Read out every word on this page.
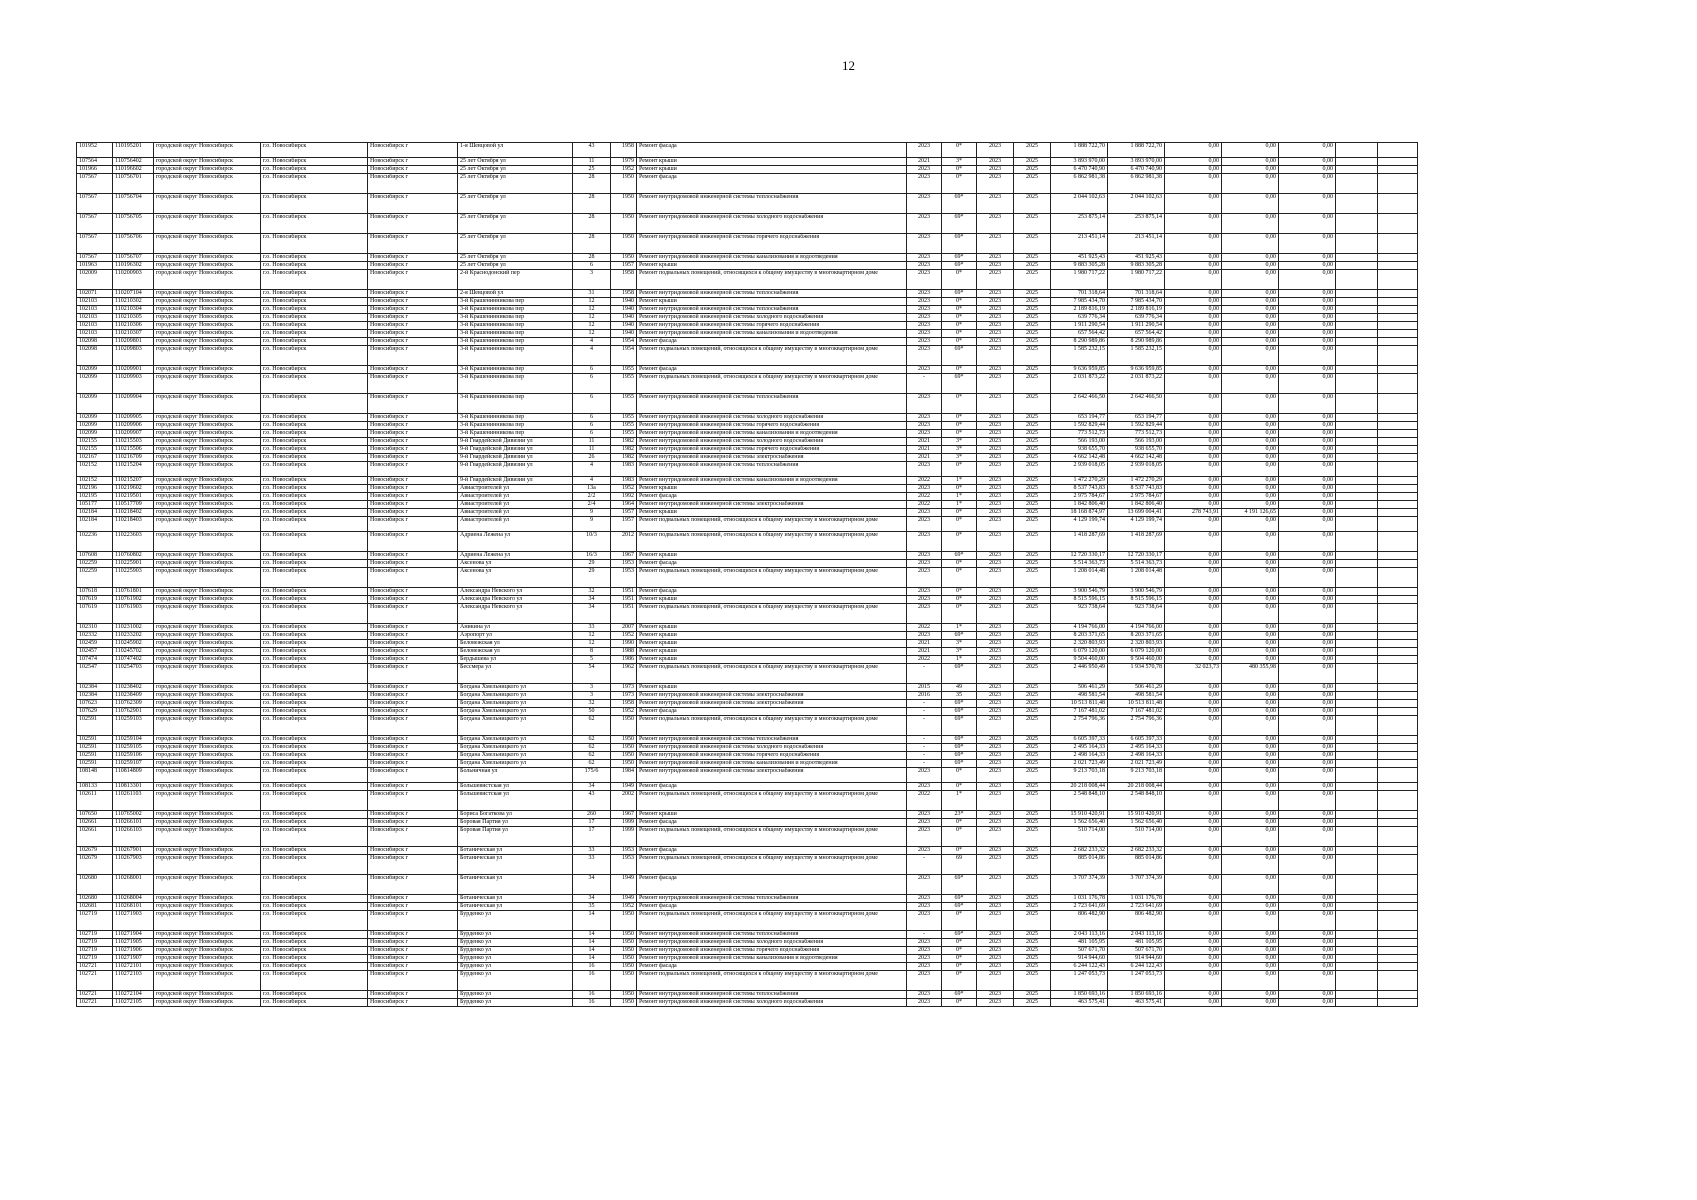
12
101952	110195201	городской округ Новосибирск	г.о. Новосибирск	Новосибирск г	1-я Шевцовой ул	43	1958	Ремонт фасада	2023	0*	2023	2025	1 888 722,70	1 888 722,70	0,00	0,00	0,00		
107564	110756402	городской округ Новосибирск	г.о. Новосибирск	Новосибирск г	25 лет Октября ул	11	1979	Ремонт крыши	2021	3*	2023	2025	3 893 970,00	3 893 970,00	0,00	0,00	0,00		
101966	110196602	городской округ Новосибирск	г.о. Новосибирск	Новосибирск г	25 лет Октября ул	25	1952	Ремонт крыши	2023	0*	2023	2025	6 470 740,90	6 470 740,90	0,00	0,00	0,00		
107567	110756701	городской округ Новосибирск	г.о. Новосибирск	Новосибирск г	25 лет Октября ул	28	1950	Ремонт фасада	2023	0*	2023	2025	6 862 981,38	6 862 981,38	0,00	0,00	0,00		
107567	110756704	городской округ Новосибирск	г.о. Новосибирск	Новосибирск г	25 лет Октября ул	28	1950	Ремонт внутридомовой инженерной системы теплоснабжения	2023	69*	2023	2025	2 044 102,63	2 044 102,63	0,00	0,00	0,00		
107567	110756705	городской округ Новосибирск	г.о. Новосибирск	Новосибирск г	25 лет Октября ул	28	1950	Ремонт внутридомовой инженерной системы холодного водоснабжения	2023	69*	2023	2025	253 875,14	253 875,14	0,00	0,00	0,00		
107567	110756706	городской округ Новосибирск	г.о. Новосибирск	Новосибирск г	25 лет Октября ул	28	1950	Ремонт внутридомовой инженерной системы горячего водоснабжения	2023	69*	2023	2025	213 451,14	213 451,14	0,00	0,00	0,00		
107567	110756707	городской округ Новосибирск	г.о. Новосибирск	Новосибирск г	25 лет Октября ул	28	1950	Ремонт внутридомовой инженерной системы канализования и водоотведения	2023	69*	2023	2025	451 925,43	451 925,43	0,00	0,00	0,00		
101963	110196302	городской округ Новосибирск	г.о. Новосибирск	Новосибирск г	25 лет Октября ул	6	1957	Ремонт крыши	2023	69*	2023	2025	9 883 305,28	9 883 305,28	0,00	0,00	0,00		
102009	110200903	городской округ Новосибирск	г.о. Новосибирск	Новосибирск г	2-й Краснодонский пер	3	1958	Ремонт подвальных помещений, относящихся к общему имуществу в многоквартирном доме	2023	0*	2023	2025	1 980 717,22	1 980 717,22	0,00	0,00	0,00		
102071	110207104	городской округ Новосибирск	г.о. Новосибирск	Новосибирск г	2-я Шевцовой ул	31	1958	Ремонт внутридомовой инженерной системы теплоснабжения	2023	69*	2023	2025	701 318,64	701 318,64	0,00	0,00	0,00		
102103	110210302	городской округ Новосибирск	г.о. Новосибирск	Новосибирск г	3-й Крашенинникова пер	12	1940	Ремонт крыши	2023	0*	2023	2025	7 985 434,70	7 985 434,70	0,00	0,00	0,00		
102103	110210304	городской округ Новосибирск	г.о. Новосибирск	Новосибирск г	3-й Крашенинникова пер	12	1940	Ремонт внутридомовой инженерной системы теплоснабжения	2023	0*	2023	2025	2 189 816,19	2 189 816,19	0,00	0,00	0,00		
102103	110210305	городской округ Новосибирск	г.о. Новосибирск	Новосибирск г	3-й Крашенинникова пер	12	1940	Ремонт внутридомовой инженерной системы холодного водоснабжения	2023	0*	2023	2025	639 776,34	639 776,34	0,00	0,00	0,00		
102103	110210306	городской округ Новосибирск	г.о. Новосибирск	Новосибирск г	3-й Крашенинникова пер	12	1940	Ремонт внутридомовой инженерной системы горячего водоснабжения	2023	0*	2023	2025	1 911 290,54	1 911 290,54	0,00	0,00	0,00		
102103	110210307	городской округ Новосибирск	г.о. Новосибирск	Новосибирск г	3-й Крашенинникова пер	12	1940	Ремонт внутридомовой инженерной системы канализования и водоотведения	2023	0*	2023	2025	657 564,42	657 564,42	0,00	0,00	0,00		
102098	110209801	городской округ Новосибирск	г.о. Новосибирск	Новосибирск г	3-й Крашенинникова пер	4	1954	Ремонт фасада	2023	0*	2023	2025	8 290 989,86	8 290 989,86	0,00	0,00	0,00		
102098	110209803	городской округ Новосибирск	г.о. Новосибирск	Новосибирск г	3-й Крашенинникова пер	4	1954	Ремонт подвальных помещений, относящихся к общему имуществу в многоквартирном доме	2023	69*	2023	2025	1 585 232,15	1 585 232,15	0,00	0,00	0,00		
102099	110209901	городской округ Новосибирск	г.о. Новосибирск	Новосибирск г	3-й Крашенинникова пер	6	1955	Ремонт фасада	2023	0*	2023	2025	9 636 959,85	9 636 959,85	0,00	0,00	0,00		
102099	110209903	городской округ Новосибирск	г.о. Новосибирск	Новосибирск г	3-й Крашенинникова пер	6	1955	Ремонт подвальных помещений, относящихся к общему имуществу в многоквартирном доме	-	69*	2023	2025	2 031 873,22	2 031 873,22	0,00	0,00	0,00		
102099	110209904	городской округ Новосибирск	г.о. Новосибирск	Новосибирск г	3-й Крашенинникова пер	6	1955	Ремонт внутридомовой инженерной системы теплоснабжения	2023	0*	2023	2025	2 642 466,50	2 642 466,50	0,00	0,00	0,00		
102099	110209905	городской округ Новосибирск	г.о. Новосибирск	Новосибирск г	3-й Крашенинникова пер	6	1955	Ремонт внутридомовой инженерной системы холодного водоснабжения	2023	0*	2023	2025	653 194,77	653 194,77	0,00	0,00	0,00		
102099	110209906	городской округ Новосибирск	г.о. Новосибирск	Новосибирск г	3-й Крашенинникова пер	6	1955	Ремонт внутридомовой инженерной системы горячего водоснабжения	2023	0*	2023	2025	1 592 829,44	1 592 829,44	0,00	0,00	0,00		
102099	110209907	городской округ Новосибирск	г.о. Новосибирск	Новосибирск г	3-й Крашенинникова пер	6	1955	Ремонт внутридомовой инженерной системы канализования и водоотведения	2023	0*	2023	2025	773 512,73	773 512,73	0,00	0,00	0,00		
102155	110215503	городской округ Новосибирск	г.о. Новосибирск	Новосибирск г	9-й Гвардейской Дивизии ул	11	1982	Ремонт внутридомовой инженерной системы холодного водоснабжения	2021	3*	2023	2025	566 193,00	566 193,00	0,00	0,00	0,00		
102155	110215506	городской округ Новосибирск	г.о. Новосибирск	Новосибирск г	9-й Гвардейской Дивизии ул	11	1982	Ремонт внутридомовой инженерной системы горячего водоснабжения	2021	3*	2023	2025	938 655,70	938 655,70	0,00	0,00	0,00		
102167	110216709	городской округ Новосибирск	г.о. Новосибирск	Новосибирск г	9-й Гвардейской Дивизии ул	26	1982	Ремонт внутридомовой инженерной системы электроснабжения	2021	3*	2023	2025	4 662 142,48	4 662 142,48	0,00	0,00	0,00		
102152	110215204	городской округ Новосибирск	г.о. Новосибирск	Новосибирск г	9-й Гвардейской Дивизии ул	4	1983	Ремонт внутридомовой инженерной системы теплоснабжения	2023	0*	2023	2025	2 939 018,05	2 939 018,05	0,00	0,00	0,00		
102152	110215207	городской округ Новосибирск	г.о. Новосибирск	Новосибирск г	9-й Гвардейской Дивизии ул	4	1983	Ремонт внутридомовой инженерной системы канализования и водоотведения	2022	1*	2023	2025	1 472 270,29	1 472 270,29	0,00	0,00	0,00		
102196	110219602	городской округ Новосибирск	г.о. Новосибирск	Новосибирск г	Авиастроителей ул	13а	1952	Ремонт крыши	2023	0*	2023	2025	8 537 743,83	8 537 743,83	0,00	0,00	0,00		
102195	110219501	городской округ Новосибирск	г.о. Новосибирск	Новосибирск г	Авиастроителей ул	2/2	1992	Ремонт фасада	2022	1*	2023	2025	2 975 784,67	2 975 784,67	0,00	0,00	0,00		
105177	110517709	городской округ Новосибирск	г.о. Новосибирск	Новосибирск г	Авиастроителей ул	2/4	1964	Ремонт внутридомовой инженерной системы электроснабжения	2022	1*	2023	2025	1 842 806,40	1 842 806,40	0,00	0,00	0,00		
102184	110218402	городской округ Новосибирск	г.о. Новосибирск	Новосибирск г	Авиастроителей ул	9	1957	Ремонт крыши	2023	0*	2023	2025	18 168 874,97	13 699 004,41	278 743,91	4 191 126,65	0,00		
102184	110218403	городской округ Новосибирск	г.о. Новосибирск	Новосибирск г	Авиастроителей ул	9	1957	Ремонт подвальных помещений, относящихся к общему имуществу в многоквартирном доме	2023	0*	2023	2025	4 129 199,74	4 129 199,74	0,00	0,00	0,00		
102236	110223603	городской округ Новосибирск	г.о. Новосибирск	Новосибирск г	Адриена Лежена ул	10/3	2012	Ремонт подвальных помещений, относящихся к общему имуществу в многоквартирном доме	2023	0*	2023	2025	1 418 287,69	1 418 287,69	0,00	0,00	0,00		
107608	110760802	городской округ Новосибирск	г.о. Новосибирск	Новосибирск г	Адриена Лежена ул	16/3	1967	Ремонт крыши	2023	69*	2023	2025	12 720 330,17	12 720 330,17	0,00	0,00	0,00		
102259	110225901	городской округ Новосибирск	г.о. Новосибирск	Новосибирск г	Аксенова ул	29	1953	Ремонт фасада	2023	0*	2023	2025	5 514 363,73	5 514 363,73	0,00	0,00	0,00		
102259	110225903	городской округ Новосибирск	г.о. Новосибирск	Новосибирск г	Аксенова ул	29	1953	Ремонт подвальных помещений, относящихся к общему имуществу в многоквартирном доме	2023	0*	2023	2025	1 208 014,48	1 208 014,48	0,00	0,00	0,00		
107618	110761801	городской округ Новосибирск	г.о. Новосибирск	Новосибирск г	Александра Невского ул	32	1951	Ремонт фасада	2023	0*	2023	2025	3 900 546,79	3 900 546,79	0,00	0,00	0,00		
107619	110761902	городской округ Новосибирск	г.о. Новосибирск	Новосибирск г	Александра Невского ул	34	1951	Ремонт крыши	2023	0*	2023	2025	8 515 596,15	8 515 596,15	0,00	0,00	0,00		
107619	110761903	городской округ Новосибирск	г.о. Новосибирск	Новосибирск г	Александра Невского ул	34	1951	Ремонт подвальных помещений, относящихся к общему имуществу в многоквартирном доме	2023	0*	2023	2025	923 738,64	923 738,64	0,00	0,00	0,00		
102310	110231002	городской округ Новосибирск	г.о. Новосибирск	Новосибирск г	Аникина ул	33	2007	Ремонт крыши	2022	1*	2023	2025	4 194 766,00	4 194 766,00	0,00	0,00	0,00		
102332	110233202	городской округ Новосибирск	г.о. Новосибирск	Новосибирск г	Аэропорт ул	12	1952	Ремонт крыши	2023	69*	2023	2025	8 203 371,65	8 203 371,65	0,00	0,00	0,00		
102459	110245902	городской округ Новосибирск	г.о. Новосибирск	Новосибирск г	Беловежская ул	12	1990	Ремонт крыши	2021	3*	2023	2025	2 320 803,93	2 320 803,93	0,00	0,00	0,00		
102457	110245702	городской округ Новосибирск	г.о. Новосибирск	Новосибирск г	Беловежская ул	8	1988	Ремонт крыши	2021	3*	2023	2025	6 079 120,00	6 079 120,00	0,00	0,00	0,00		
107474	110747402	городской округ Новосибирск	г.о. Новосибирск	Новосибирск г	Бердышева ул	5	1986	Ремонт крыши	2022	1*	2023	2025	9 504 460,00	9 504 460,00	0,00	0,00	0,00		
102547	110254703	городской округ Новосибирск	г.о. Новосибирск	Новосибирск г	Бессмера ул	54	1962	Ремонт подвальных помещений, относящихся к общему имуществу в многоквартирном доме	-	69*	2023	2025	2 446 950,49	1 934 570,78	32 023,73	480 355,98	0,00		
102384	110238402	городской округ Новосибирск	г.о. Новосибирск	Новосибирск г	Богдана Хмельницкого ул	3	1973	Ремонт крыши	2015	49	2023	2025	506 461,29	506 461,29	0,00	0,00	0,00		
102384	110238409	городской округ Новосибирск	г.о. Новосибирск	Новосибирск г	Богдана Хмельницкого ул	3	1973	Ремонт внутридомовой инженерной системы электроснабжения	2016	35	2023	2025	498 581,54	498 581,54	0,00	0,00	0,00		
107623	110762309	городской округ Новосибирск	г.о. Новосибирск	Новосибирск г	Богдана Хмельницкого ул	32	1958	Ремонт внутридомовой инженерной системы электроснабжения	-	69*	2023	2025	10 513 811,48	10 513 811,48	0,00	0,00	0,00		
107629	110762901	городской округ Новосибирск	г.о. Новосибирск	Новосибирск г	Богдана Хмельницкого ул	50	1952	Ремонт фасада	-	69*	2023	2025	7 167 481,02	7 167 481,02	0,00	0,00	0,00		
102591	110259103	городской округ Новосибирск	г.о. Новосибирск	Новосибирск г	Богдана Хмельницкого ул	62	1950	Ремонт подвальных помещений, относящихся к общему имуществу в многоквартирном доме	-	69*	2023	2025	2 754 796,36	2 754 796,36	0,00	0,00	0,00		
102591	110259104	городской округ Новосибирск	г.о. Новосибирск	Новосибирск г	Богдана Хмельницкого ул	62	1950	Ремонт внутридомовой инженерной системы теплоснабжения	-	69*	2023	2025	6 605 397,33	6 605 397,33	0,00	0,00	0,00		
102591	110259105	городской округ Новосибирск	г.о. Новосибирск	Новосибирск г	Богдана Хмельницкого ул	62	1950	Ремонт внутридомовой инженерной системы холодного водоснабжения	-	69*	2023	2025	2 495 164,33	2 495 164,33	0,00	0,00	0,00		
102591	110259106	городской округ Новосибирск	г.о. Новосибирск	Новосибирск г	Богдана Хмельницкого ул	62	1950	Ремонт внутридомовой инженерной системы горячего водоснабжения	-	69*	2023	2025	2 498 164,33	2 498 164,33	0,00	0,00	0,00		
102591	110259107	городской округ Новосибирск	г.о. Новосибирск	Новосибирск г	Богдана Хмельницкого ул	62	1950	Ремонт внутридомовой инженерной системы канализования и водоотведения	-	69*	2023	2025	2 021 723,49	2 021 723,49	0,00	0,00	0,00		
108148	110814809	городской округ Новосибирск	г.о. Новосибирск	Новосибирск г	Больничная ул	175/6	1984	Ремонт внутридомовой инженерной системы электроснабжения	2023	0*	2023	2025	9 213 703,18	9 213 703,18	0,00	0,00	0,00		
108133	110813301	городской округ Новосибирск	г.о. Новосибирск	Новосибирск г	Большевистская ул	34	1949	Ремонт фасада	2023	0*	2023	2025	20 218 008,44	20 218 008,44	0,00	0,00	0,00		
102611	110261103	городской округ Новосибирск	г.о. Новосибирск	Новосибирск г	Большевистская ул	43	2002	Ремонт подвальных помещений, относящихся к общему имуществу в многоквартирном доме	2022	1*	2023	2025	2 548 848,10	2 548 848,10	0,00	0,00	0,00		
107650	110765002	городской округ Новосибирск	г.о. Новосибирск	Новосибирск г	Бориса Богаткова ул	260	1967	Ремонт крыши	2023	23*	2023	2025	15 910 420,91	15 910 420,91	0,00	0,00	0,00		
102661	110266101	городской округ Новосибирск	г.о. Новосибирск	Новосибирск г	Боровая Партия ул	17	1999	Ремонт фасада	2023	0*	2023	2025	1 562 656,40	1 562 656,40	0,00	0,00	0,00		
102661	110266103	городской округ Новосибирск	г.о. Новосибирск	Новосибирск г	Боровая Партия ул	17	1999	Ремонт подвальных помещений, относящихся к общему имуществу в многоквартирном доме	2023	0*	2023	2025	510 714,00	510 714,00	0,00	0,00	0,00		
102679	110267901	городской округ Новосибирск	г.о. Новосибирск	Новосибирск г	Ботаническая ул	33	1953	Ремонт фасада	2023	0*	2023	2025	2 682 233,32	2 682 233,32	0,00	0,00	0,00		
102679	110267903	городской округ Новосибирск	г.о. Новосибирск	Новосибирск г	Ботаническая ул	33	1953	Ремонт подвальных помещений, относящихся к общему имуществу в многоквартирном доме	-	69	2023	2025	885 014,86	885 014,86	0,00	0,00	0,00		
102680	110268001	городской округ Новосибирск	г.о. Новосибирск	Новосибирск г	Ботаническая ул	34	1949	Ремонт фасада	2023	69*	2023	2025	3 707 374,39	3 707 374,39	0,00	0,00	0,00		
102680	110268004	городской округ Новосибирск	г.о. Новосибирск	Новосибирск г	Ботаническая ул	34	1949	Ремонт внутридомовой инженерной системы теплоснабжения	2023	69*	2023	2025	1 031 176,78	1 031 176,78	0,00	0,00	0,00		
102681	110268101	городской округ Новосибирск	г.о. Новосибирск	Новосибирск г	Ботаническая ул	35	1952	Ремонт фасада	2023	69*	2023	2025	2 723 641,69	2 723 641,69	0,00	0,00	0,00		
102719	110271903	городской округ Новосибирск	г.о. Новосибирск	Новосибирск г	Бурденко ул	14	1950	Ремонт подвальных помещений, относящихся к общему имуществу в многоквартирном доме	2023	0*	2023	2025	806 482,90	806 482,90	0,00	0,00	0,00		
102719	110271904	городской округ Новосибирск	г.о. Новосибирск	Новосибирск г	Бурденко ул	14	1950	Ремонт внутридомовой инженерной системы теплоснабжения	-	69*	2023	2025	2 043 113,16	2 043 113,16	0,00	0,00	0,00		
102719	110271905	городской округ Новосибирск	г.о. Новосибирск	Новосибирск г	Бурденко ул	14	1950	Ремонт внутридомовой инженерной системы холодного водоснабжения	2023	0*	2023	2025	481 105,95	481 105,95	0,00	0,00	0,00		
102719	110271906	городской округ Новосибирск	г.о. Новосибирск	Новосибирск г	Бурденко ул	14	1950	Ремонт внутридомовой инженерной системы горячего водоснабжения	2023	0*	2023	2025	507 671,70	507 671,70	0,00	0,00	0,00		
102719	110271907	городской округ Новосибирск	г.о. Новосибирск	Новосибирск г	Бурденко ул	14	1950	Ремонт внутридомовой инженерной системы канализования и водоотведения	2023	0*	2023	2025	914 944,60	914 944,60	0,00	0,00	0,00		
102721	110272101	городской округ Новосибирск	г.о. Новосибирск	Новосибирск г	Бурденко ул	16	1950	Ремонт фасада	2023	0*	2023	2025	6 244 122,43	6 244 122,43	0,00	0,00	0,00		
102721	110272103	городской округ Новосибирск	г.о. Новосибирск	Новосибирск г	Бурденко ул	16	1950	Ремонт подвальных помещений, относящихся к общему имуществу в многоквартирном доме	2023	0*	2023	2025	1 247 053,73	1 247 053,73	0,00	0,00	0,00		
102721	110272104	городской округ Новосибирск	г.о. Новосибирск	Новосибирск г	Бурденко ул	16	1950	Ремонт внутридомовой инженерной системы теплоснабжения	2023	69*	2023	2025	1 850 693,16	1 850 693,16	0,00	0,00	0,00		
102721	110272105	городской округ Новосибирск	г.о. Новосибирск	Новосибирск г	Бурденко ул	16	1950	Ремонт внутридомовой инженерной системы холодного водоснабжения	2023	0*	2023	2025	463 575,41	463 575,41	0,00	0,00	0,00		
